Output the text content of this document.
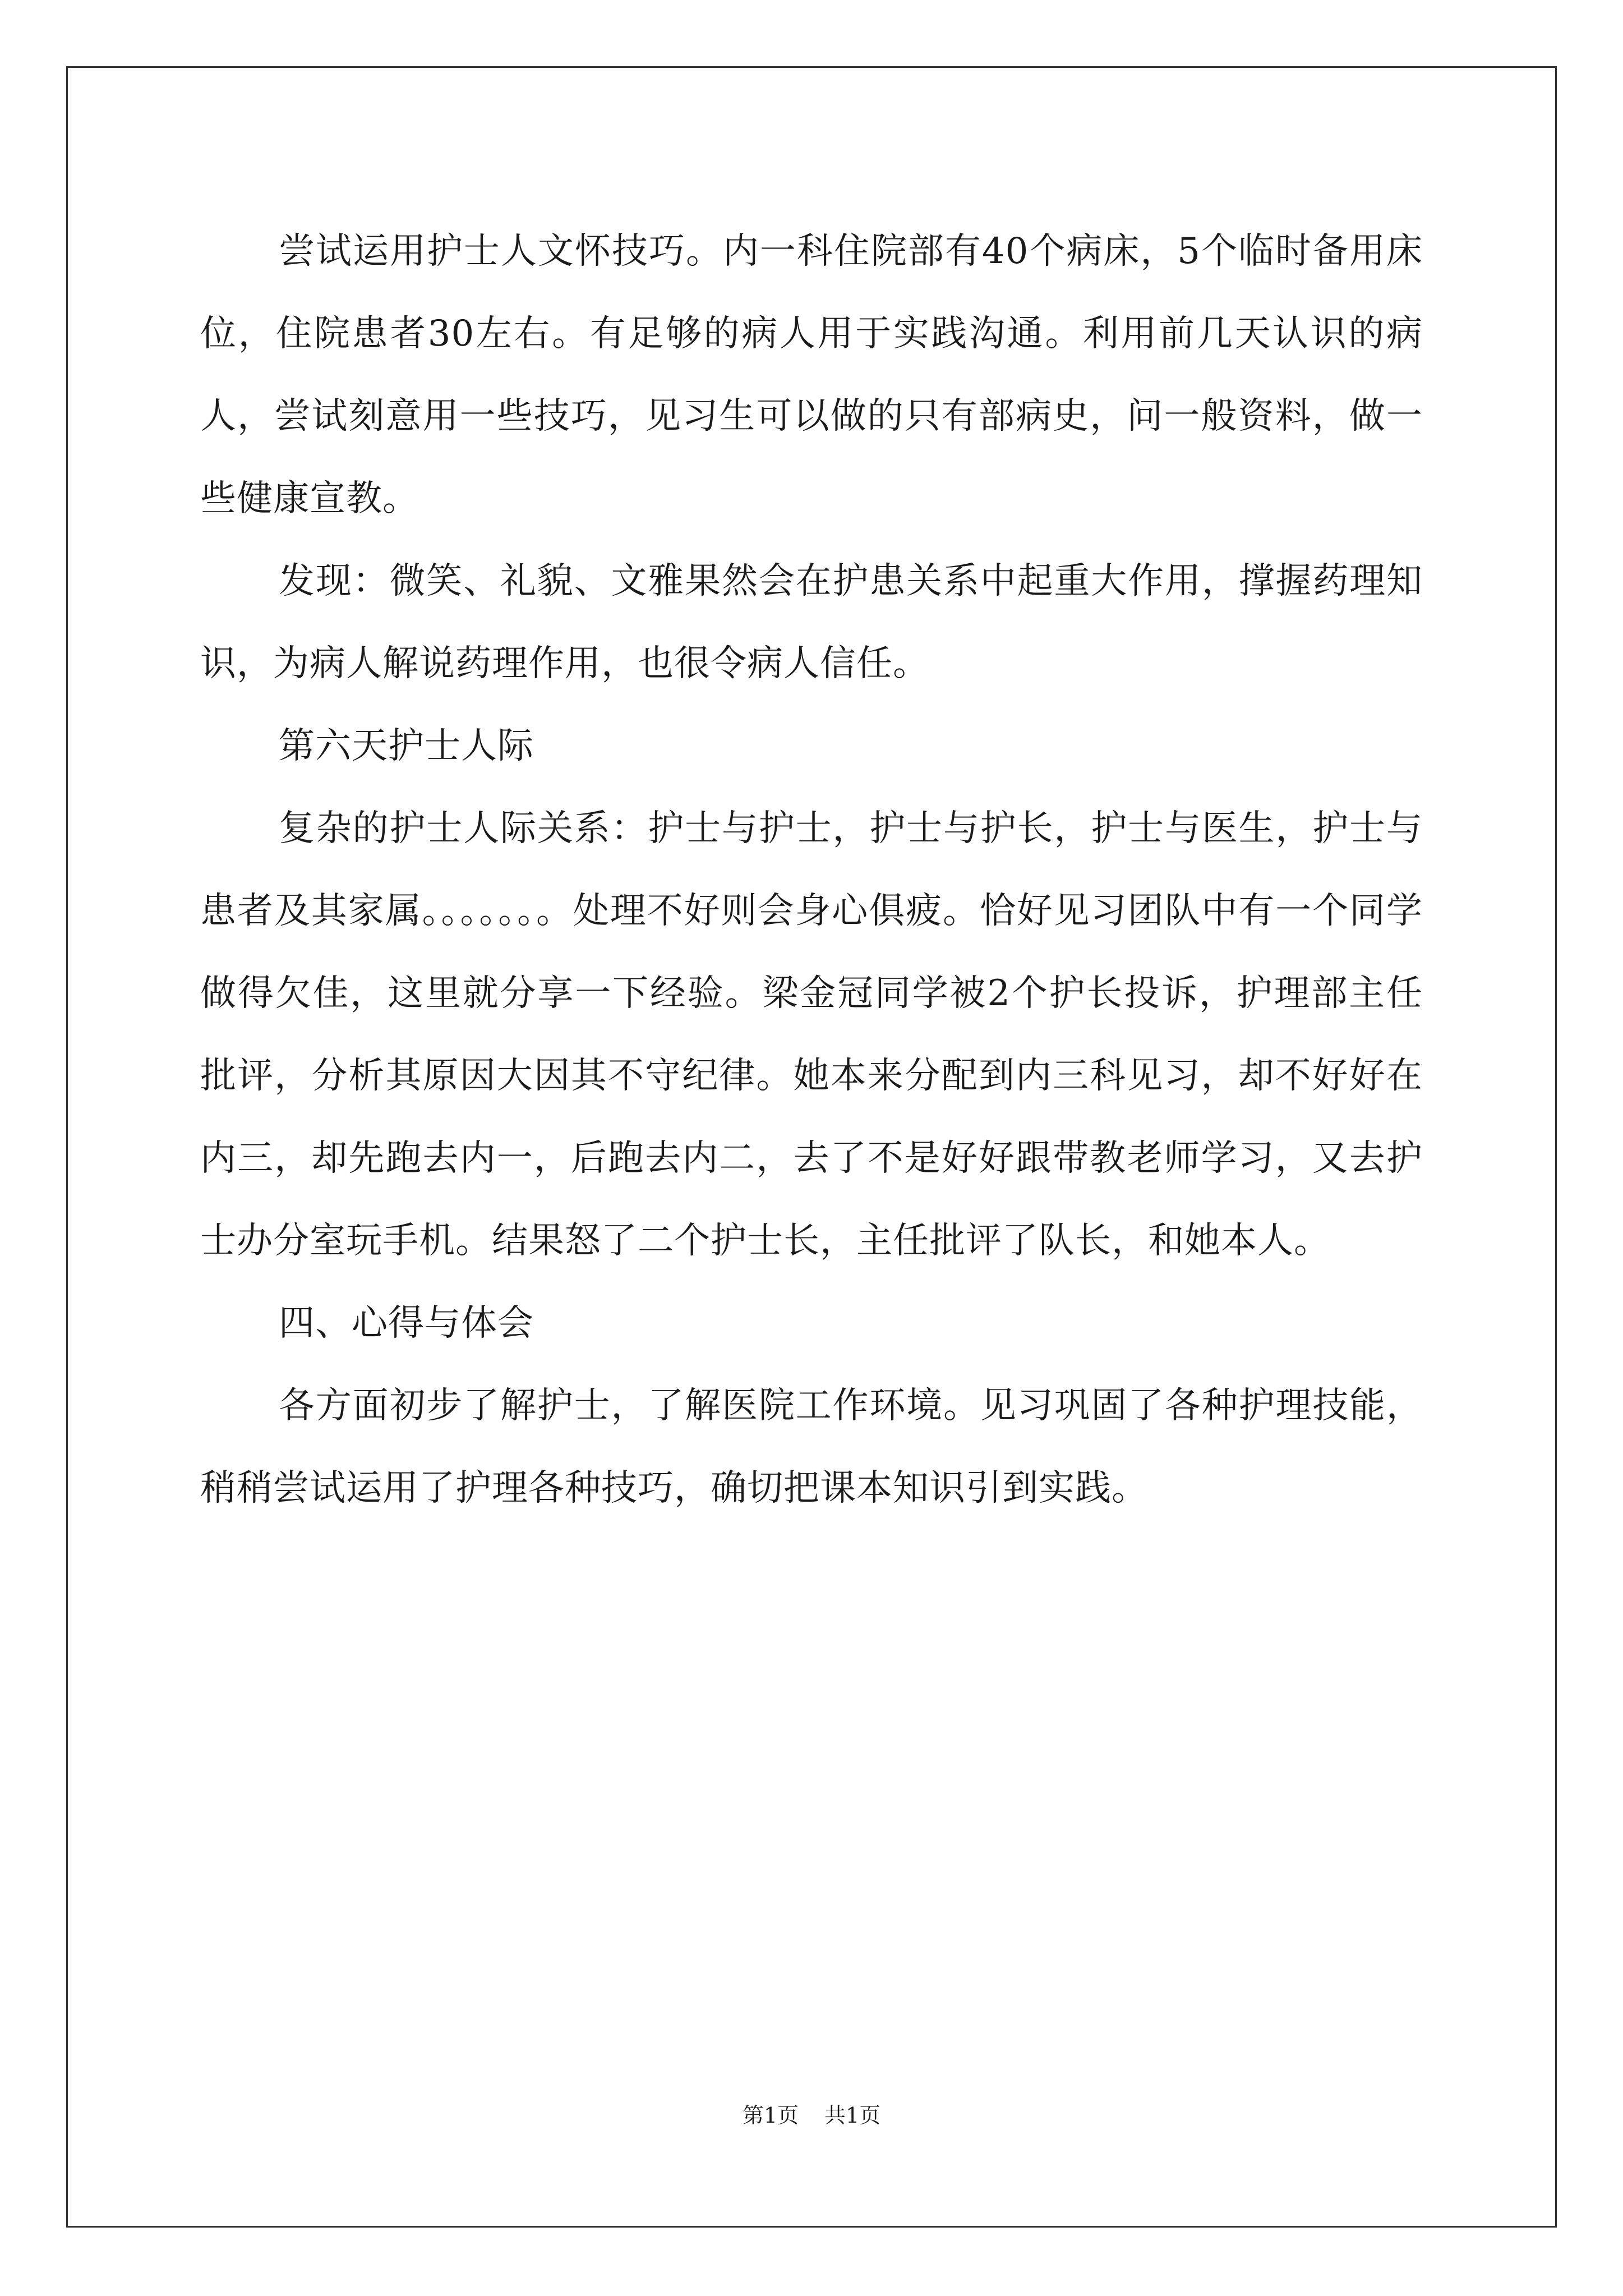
尝试运用护士人文怀技巧。内一科住院部有40个病床，5个临时备用床位，住院患者30左右。有足够的病人用于实践沟通。利用前几天认识的病人，尝试刻意用一些技巧，见习生可以做的只有部病史，问一般资料，做一些健康宣教。

发现：微笑、礼貌、文雅果然会在护患关系中起重大作用，撑握药理知识，为病人解说药理作用，也很令病人信任。

第六天护士人际

复杂的护士人际关系：护士与护士，护士与护长，护士与医生，护士与患者及其家属。。。。。。。处理不好则会身心俱疲。恰好见习团队中有一个同学做得欠佳，这里就分享一下经验。梁金冠同学被2个护长投诉，护理部主任批评，分析其原因大因其不守纪律。她本来分配到内三科见习，却不好好在内三，却先跑去内一，后跑去内二，去了不是好好跟带教老师学习，又去护士办分室玩手机。结果怒了二个护士长，主任批评了队长，和她本人。

四、心得与体会

各方面初步了解护士，了解医院工作环境。见习巩固了各种护理技能，稍稍尝试运用了护理各种技巧，确切把课本知识引到实践。

第1页 共1页
